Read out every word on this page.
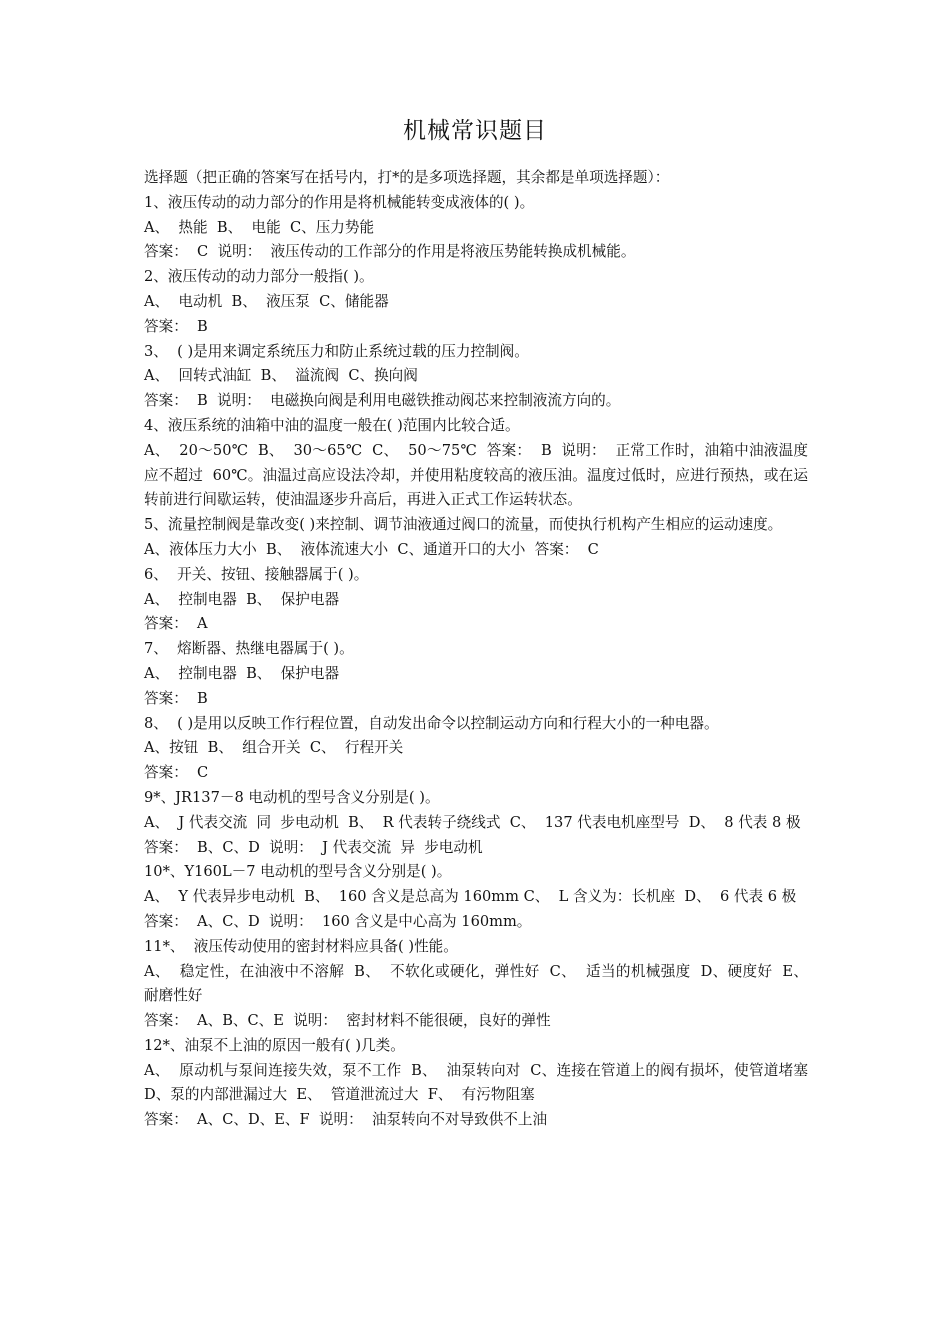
机械常识题目
选择题（把正确的答案写在括号内，打*的是多项选择题，其余都是单项选择题）：
1、液压传动的动力部分的作用是将机械能转变成液体的( )。
A、  热能  B、  电能  C、压力势能
答案：  C  说明：  液压传动的工作部分的作用是将液压势能转换成机械能。
2、液压传动的动力部分一般指( )。
A、  电动机  B、  液压泵  C、储能器
答案：  B
3、  ( )是用来调定系统压力和防止系统过载的压力控制阀。
A、  回转式油缸  B、  溢流阀  C、换向阀
答案：  B  说明：  电磁换向阀是利用电磁铁推动阀芯来控制液流方向的。
4、液压系统的油箱中油的温度一般在( )范围内比较合适。
A、  20～50℃  B、  30～65℃  C、  50～75℃  答案：  B  说明：  正常工作时，油箱中油液温度应不超过  60℃。油温过高应设法冷却，并使用粘度较高的液压油。温度过低时，应进行预热，或在运转前进行间歇运转，使油温逐步升高后，再进入正式工作运转状态。
5、流量控制阀是靠改变( )来控制、调节油液通过阀口的流量，而使执行机构产生相应的运动速度。
A、液体压力大小  B、  液体流速大小  C、通道开口的大小  答案：  C
6、  开关、按钮、接触器属于( )。
A、  控制电器  B、  保护电器
答案：  A
7、  熔断器、热继电器属于( )。
A、  控制电器  B、  保护电器
答案：  B
8、  ( )是用以反映工作行程位置，自动发出命令以控制运动方向和行程大小的一种电器。
A、按钮  B、  组合开关  C、  行程开关
答案：  C
9*、JR137－8 电动机的型号含义分别是( )。
A、  J 代表交流  同  步电动机  B、  R 代表转子绕线式  C、  137 代表电机座型号  D、  8 代表 8 极
答案：  B、C、D  说明：  J 代表交流  异  步电动机
10*、Y160L－7 电动机的型号含义分别是( )。
A、  Y 代表异步电动机  B、  160 含义是总高为 160mm C、  L 含义为：长机座  D、  6 代表 6 极
答案：  A、C、D  说明：  160 含义是中心高为 160mm。
11*、  液压传动使用的密封材料应具备( )性能。
A、  稳定性，在油液中不溶解  B、  不软化或硬化，弹性好  C、  适当的机械强度  D、硬度好  E、  耐磨性好
答案：  A、B、C、E  说明：  密封材料不能很硬，良好的弹性
12*、油泵不上油的原因一般有( )几类。
A、  原动机与泵间连接失效，泵不工作  B、  油泵转向对  C、连接在管道上的阀有损坏，使管道堵塞  D、泵的内部泄漏过大  E、  管道泄流过大  F、  有污物阻塞
答案：  A、C、D、E、F  说明：  油泵转向不对导致供不上油
